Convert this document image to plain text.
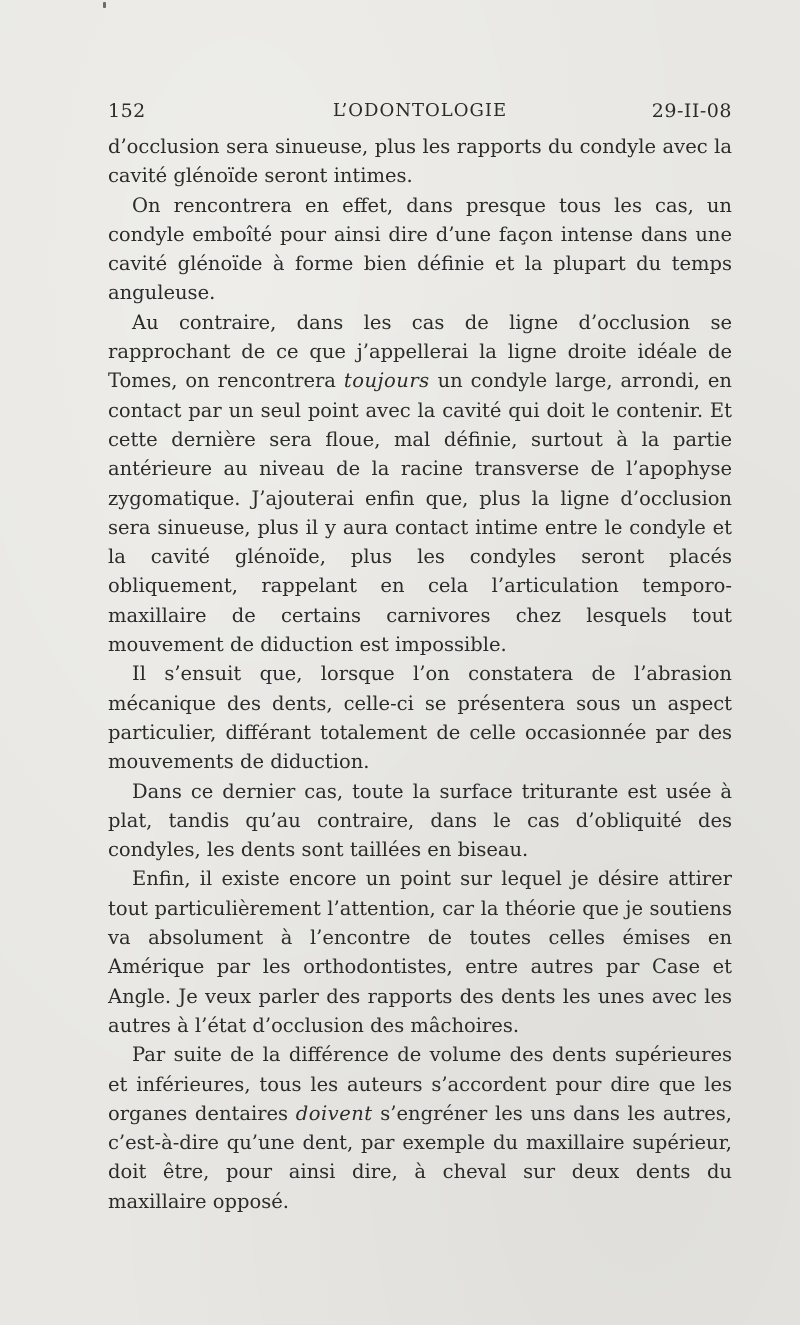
152	L’ODONTOLOGIE	29-II-08

d’occlusion sera sinueuse, plus les rapports du condyle avec la cavité glénoïde seront intimes.

On rencontrera en effet, dans presque tous les cas, un condyle emboîté pour ainsi dire d’une façon intense dans une cavité glénoïde à forme bien définie et la plupart du temps anguleuse.

Au contraire, dans les cas de ligne d’occlusion se rapprochant de ce que j’appellerai la ligne droite idéale de Tomes, on rencontrera toujours un condyle large, arrondi, en contact par un seul point avec la cavité qui doit le contenir. Et cette dernière sera floue, mal définie, surtout à la partie antérieure au niveau de la racine transverse de l’apophyse zygomatique. J’ajouterai enfin que, plus la ligne d’occlusion sera sinueuse, plus il y aura contact intime entre le condyle et la cavité glénoïde, plus les condyles seront placés obliquement, rappelant en cela l’articulation temporo-maxillaire de certains carnivores chez lesquels tout mouvement de diduction est impossible.

Il s’ensuit que, lorsque l’on constatera de l’abrasion mécanique des dents, celle-ci se présentera sous un aspect particulier, différant totalement de celle occasionnée par des mouvements de diduction.

Dans ce dernier cas, toute la surface triturante est usée à plat, tandis qu’au contraire, dans le cas d’obliquité des condyles, les dents sont taillées en biseau.

Enfin, il existe encore un point sur lequel je désire attirer tout particulièrement l’attention, car la théorie que je soutiens va absolument à l’encontre de toutes celles émises en Amérique par les orthodontistes, entre autres par Case et Angle. Je veux parler des rapports des dents les unes avec les autres à l’état d’occlusion des mâchoires.

Par suite de la différence de volume des dents supérieures et inférieures, tous les auteurs s’accordent pour dire que les organes dentaires doivent s’engréner les uns dans les autres, c’est-à-dire qu’une dent, par exemple du maxillaire supérieur, doit être, pour ainsi dire, à cheval sur deux dents du maxillaire opposé.
